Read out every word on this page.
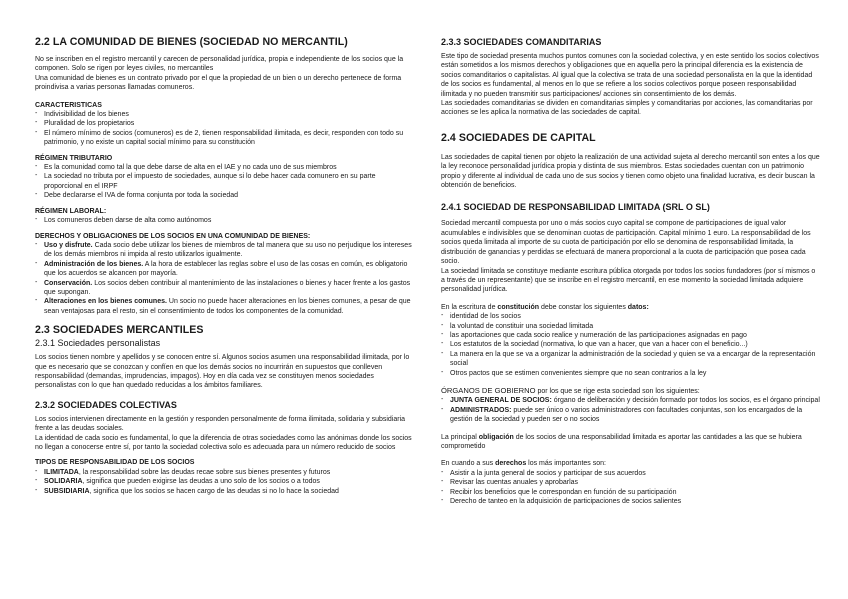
2.2 LA COMUNIDAD DE BIENES (SOCIEDAD NO MERCANTIL)

No se inscriben en el registro mercantil y carecen de personalidad jurídica, propia e independiente de los socios que la componen. Solo se rigen por leyes civiles, no mercantiles

Una comunidad de bienes es un contrato privado por el que la propiedad de un bien o un derecho pertenece de forma proindivisa a varias personas llamadas comuneros.

CARACTERISTICAS

- Indivisibilidad de los bienes
- Pluralidad de los propietarios
- El número mínimo de socios (comuneros) es de 2, tienen responsabilidad ilimitada, es decir, responden con todo su patrimonio, y no existe un capital social mínimo para su constitución

RÉGIMEN TRIBUTARIO

- Es la comunidad como tal la que debe darse de alta en el IAE y no cada uno de sus miembros
- La sociedad no tributa por el impuesto de sociedades, aunque si lo debe hacer cada comunero en su parte proporcional en el IRPF
- Debe declararse el IVA de forma conjunta por toda la sociedad

RÉGIMEN LABORAL:

- Los comuneros deben darse de alta como autónomos

DERECHOS Y OBLIGACIONES DE LOS SOCIOS EN UNA COMUNIDAD DE BIENES:

- Uso y disfrute. Cada socio debe utilizar los bienes de miembros de tal manera que su uso no perjudique los intereses de los demás miembros ni impida al resto utilizarlos igualmente.
- Administración de los bienes. A la hora de establecer las reglas sobre el uso de las cosas en común, es obligatorio que los acuerdos se alcancen por mayoría.
- Conservación. Los socios deben contribuir al mantenimiento de las instalaciones o bienes y hacer frente a los gastos que supongan.
- Alteraciones en los bienes comunes. Un socio no puede hacer alteraciones en los bienes comunes, a pesar de que sean ventajosas para el resto, sin el consentimiento de todos los componentes de la comunidad.

2.3 SOCIEDADES MERCANTILES

2.3.1 Sociedades personalistas

Los socios tienen nombre y apellidos y se conocen entre sí. Algunos socios asumen una responsabilidad ilimitada, por lo que es necesario que se conozcan y confíen en que los demás socios no incurrirán en supuestos que conlleven responsabilidad (demandas, imprudencias, impagos). Hoy en día cada vez se constituyen menos sociedades personalistas con lo que han quedado reducidas a los ámbitos familiares.

2.3.2 SOCIEDADES COLECTIVAS

Los socios intervienen directamente en la gestión y responden personalmente de forma ilimitada, solidaria y subsidiaria frente a las deudas sociales.

La identidad de cada socio es fundamental, lo que la diferencia de otras sociedades como las anónimas donde los socios no llegan a conocerse entre sí, por tanto la sociedad colectiva solo es adecuada para un número reducido de socios

TIPOS DE RESPONSABILIDAD DE LOS SOCIOS

- ILIMITADA, la responsabilidad sobre las deudas recae sobre sus bienes presentes y futuros
- SOLIDARIA, significa que pueden exigirse las deudas a uno solo de los socios o a todos
- SUBSIDIARIA, significa que los socios se hacen cargo de las deudas si no lo hace la sociedad

2.3.3 SOCIEDADES COMANDITARIAS

Este tipo de sociedad presenta muchos puntos comunes con la sociedad colectiva, y en este sentido los socios colectivos están sometidos a los mismos derechos y obligaciones que en aquella pero la principal diferencia es la existencia de socios comanditarios o capitalistas. Al igual que la colectiva se trata de una sociedad personalista en la que la identidad de los socios es fundamental, al menos en lo que se refiere a los socios colectivos porque poseen responsabilidad ilimitada y no pueden transmitir sus participaciones/ acciones sin consentimiento de los demás.

Las sociedades comanditarias se dividen en comanditarias simples y comanditarias por acciones, las comanditarias por acciones se les aplica la normativa de las sociedades de capital.

2.4 SOCIEDADES DE CAPITAL

Las sociedades de capital tienen por objeto la realización de una actividad sujeta al derecho mercantil son entes a los que la ley reconoce personalidad jurídica propia y distinta de sus miembros. Estas sociedades cuentan con un patrimonio propio y diferente al individual de cada uno de sus socios y tienen como objeto una finalidad lucrativa, es decir buscan la obtención de beneficios.

2.4.1 SOCIEDAD DE RESPONSABILIDAD LIMITADA (SRL O SL)

Sociedad mercantil compuesta por uno o más socios cuyo capital se compone de participaciones de igual valor acumulables e indivisibles que se denominan cuotas de participación. Capital mínimo 1 euro. La responsabilidad de los socios queda limitada al importe de su cuota de participación por ello se denomina de responsabilidad limitada, la distribución de ganancias y perdidas se efectuará de manera proporcional a la cuota de participación que posea cada socio.

La sociedad limitada se constituye mediante escritura pública otorgada por todos los socios fundadores (por sí mismos o a través de un representante) que se inscribe en el registro mercantil, en ese momento la sociedad limitada adquiere personalidad jurídica.

En la escritura de constitución debe constar los siguientes datos:

- identidad de los socios
- la voluntad de constituir una sociedad limitada
- las aportaciones que cada socio realice y numeración de las participaciones asignadas en pago
- Los estatutos de la sociedad (normativa, lo que van a hacer, que van a hacer con el beneficio...)
- La manera en la que se va a organizar la administración de la sociedad y quien se va a encargar de la representación social
- Otros pactos que se estimen convenientes siempre que no sean contrarios a la ley

ÓRGANOS DE GOBIERNO por los que se rige esta sociedad son los siguientes:

- JUNTA GENERAL DE SOCIOS: órgano de deliberación y decisión formado por todos los socios, es el órgano principal
- ADMINISTRADOS: puede ser único o varios administradores con facultades conjuntas, son los encargados de la gestión de la sociedad y pueden ser o no socios

La principal obligación de los socios de una responsabilidad limitada es aportar las cantidades a las que se hubiera comprometido

En cuando a sus derechos los más importantes son:

- Asistir a la junta general de socios y participar de sus acuerdos
- Revisar las cuentas anuales y aprobarlas
- Recibir los beneficios que le correspondan en función de su participación
- Derecho de tanteo en la adquisición de participaciones de socios salientes
